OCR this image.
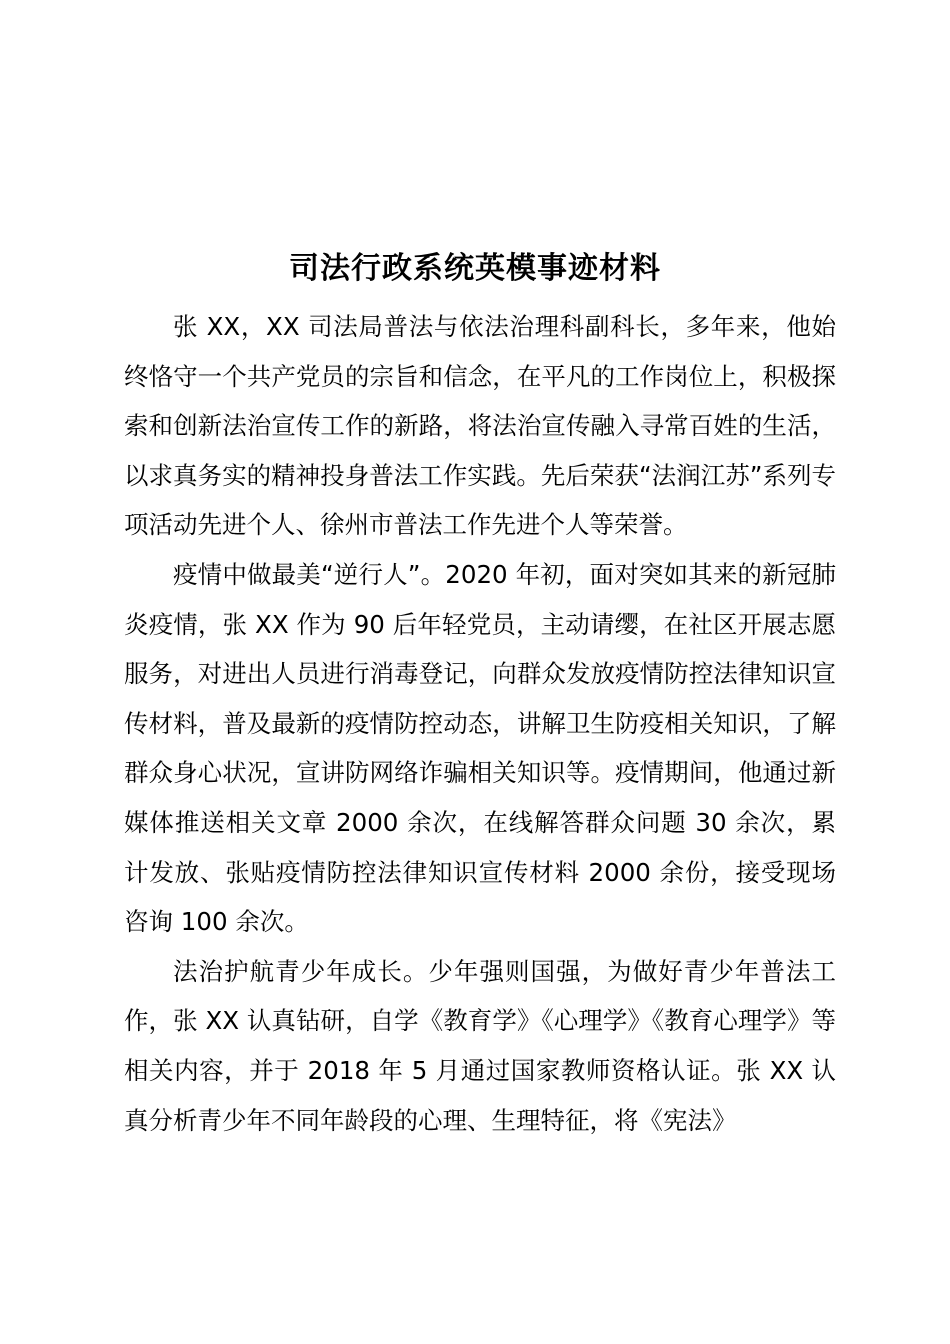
司法行政系统英模事迹材料

张 XX，XX 司法局普法与依法治理科副科长，多年来，他始终恪守一个共产党员的宗旨和信念，在平凡的工作岗位上，积极探索和创新法治宣传工作的新路，将法治宣传融入寻常百姓的生活，以求真务实的精神投身普法工作实践。先后荣获“法润江苏”系列专项活动先进个人、徐州市普法工作先进个人等荣誉。

疫情中做最美“逆行人”。2020 年初，面对突如其来的新冠肺炎疫情，张 XX 作为 90 后年轻党员，主动请缨，在社区开展志愿服务，对进出人员进行消毒登记，向群众发放疫情防控法律知识宣传材料，普及最新的疫情防控动态，讲解卫生防疫相关知识，了解群众身心状况，宣讲防网络诈骗相关知识等。疫情期间，他通过新媒体推送相关文章 2000 余次，在线解答群众问题 30 余次，累计发放、张贴疫情防控法律知识宣传材料 2000 余份，接受现场咨询 100 余次。

法治护航青少年成长。少年强则国强，为做好青少年普法工作，张 XX 认真钻研，自学《教育学》《心理学》《教育心理学》等相关内容，并于 2018 年 5 月通过国家教师资格认证。张 XX 认真分析青少年不同年龄段的心理、生理特征，将《宪法》
